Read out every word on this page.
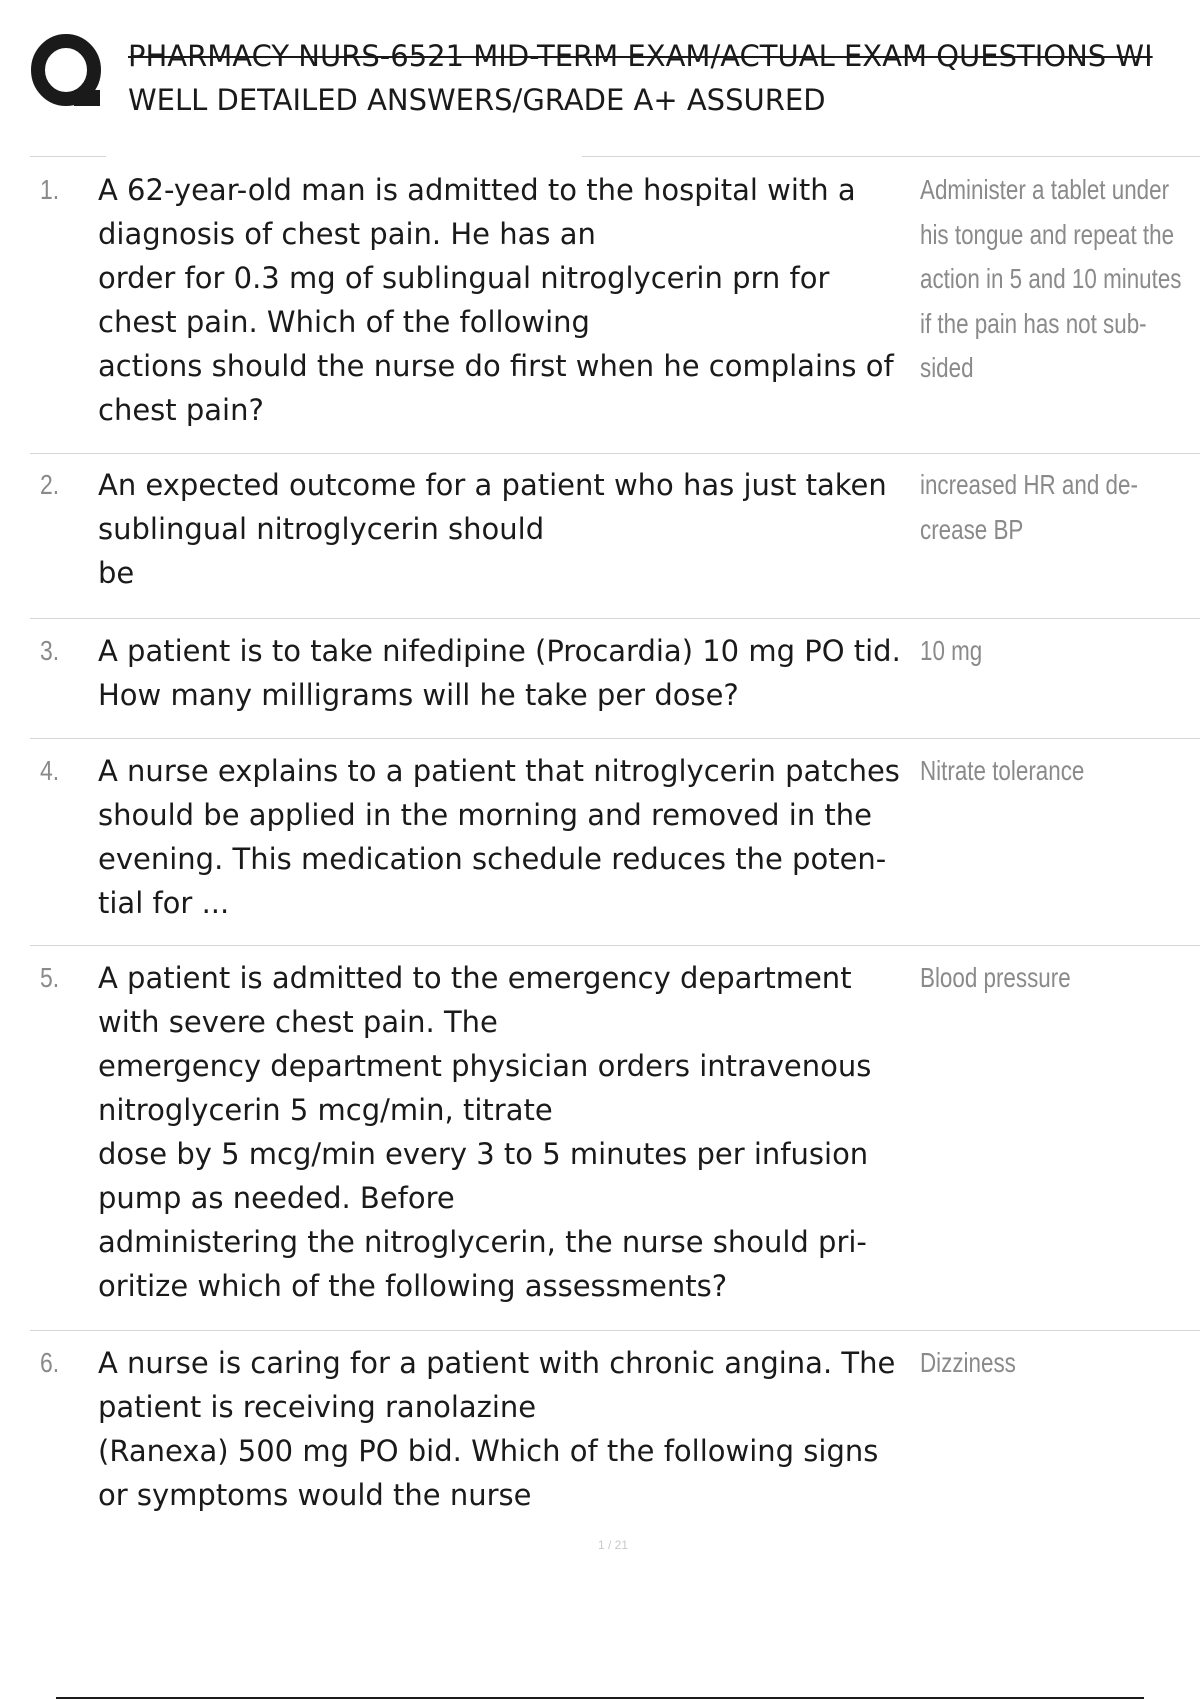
PHARMACY NURS-6521 MID-TERM EXAM/ACTUAL EXAM QUESTIONS WI
WELL DETAILED ANSWERS/GRADE A+ ASSURED
1. A 62-year-old man is admitted to the hospital with a
diagnosis of chest pain. He has an
order for 0.3 mg of sublingual nitroglycerin prn for
chest pain. Which of the following
actions should the nurse do first when he complains of
chest pain?
Administer a tablet under
his tongue and repeat the
action in 5 and 10 minutes
if the pain has not sub-
sided
2. An expected outcome for a patient who has just taken
sublingual nitroglycerin should
be
increased HR and de-
crease BP
3. A patient is to take nifedipine (Procardia) 10 mg PO tid.
How many milligrams will he take per dose?
10 mg
4. A nurse explains to a patient that nitroglycerin patches
should be applied in the morning and removed in the
evening. This medication schedule reduces the poten-
tial for ...
Nitrate tolerance
5. A patient is admitted to the emergency department
with severe chest pain. The
emergency department physician orders intravenous
nitroglycerin 5 mcg/min, titrate
dose by 5 mcg/min every 3 to 5 minutes per infusion
pump as needed. Before
administering the nitroglycerin, the nurse should pri-
oritize which of the following assessments?
Blood pressure
6. A nurse is caring for a patient with chronic angina. The
patient is receiving ranolazine
(Ranexa) 500 mg PO bid. Which of the following signs
or symptoms would the nurse
Dizziness
1 / 21
